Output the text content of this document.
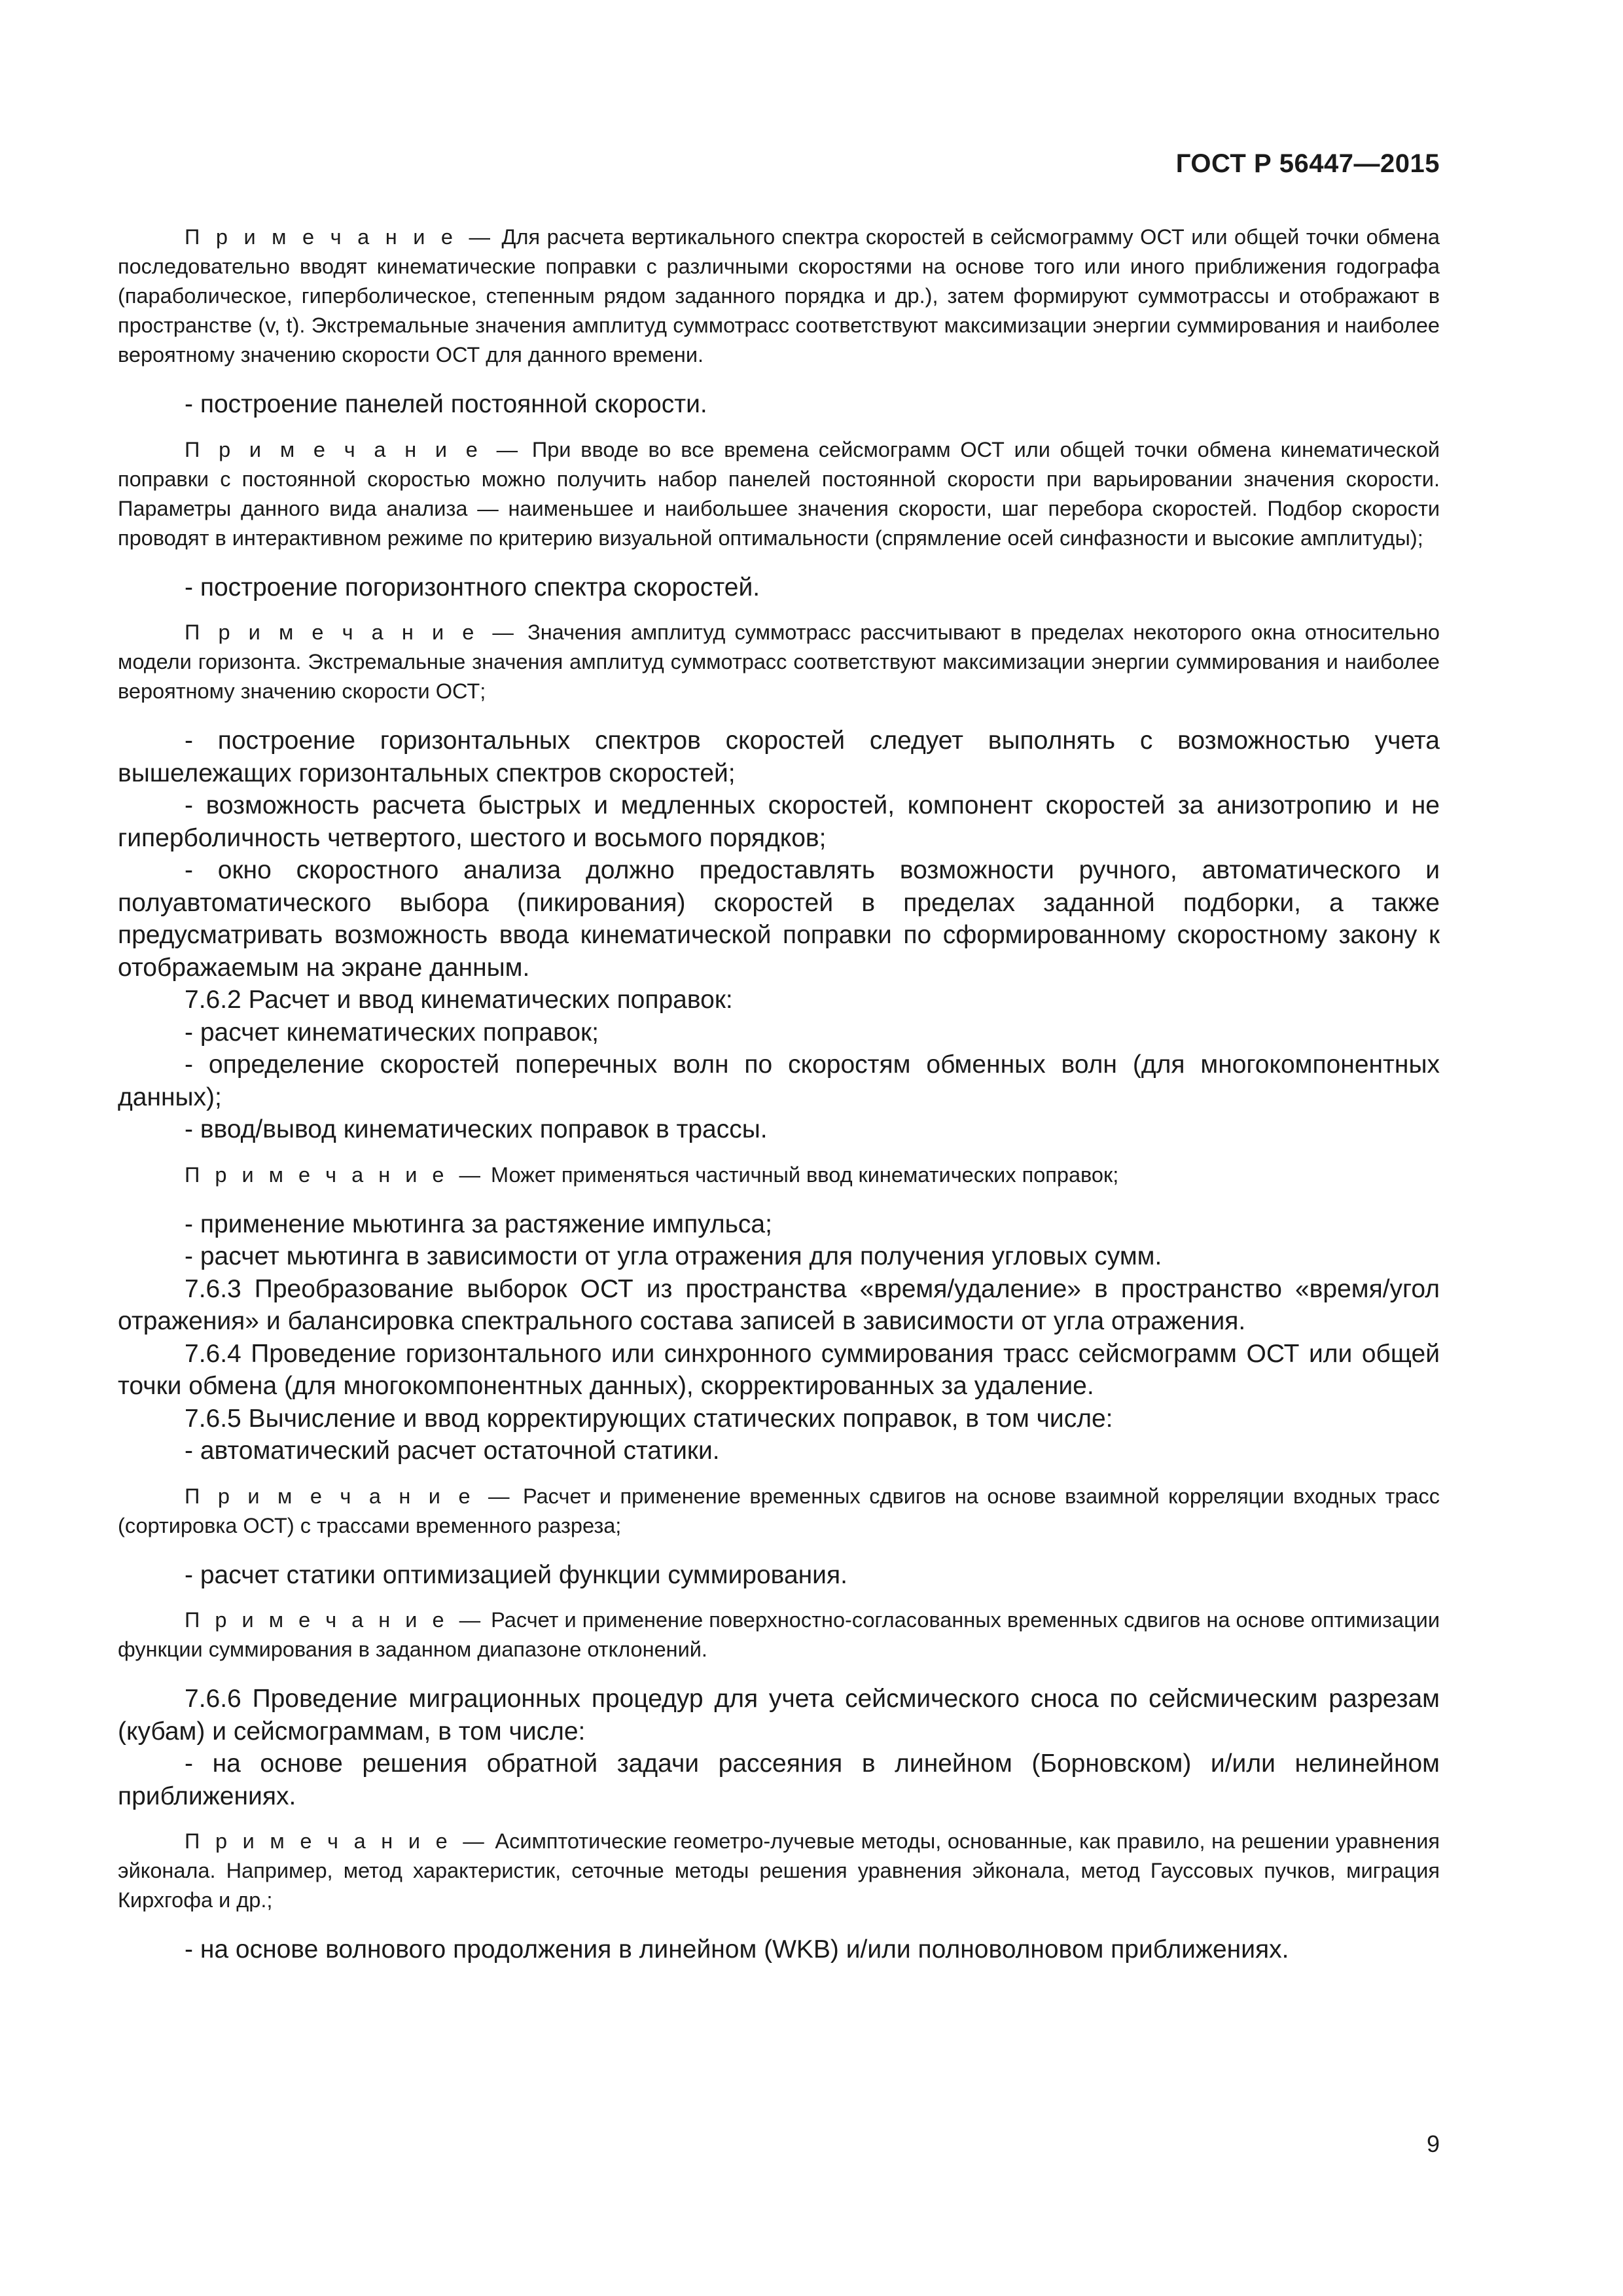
ГОСТ Р 56447—2015

П р и м е ч а н и е — Для расчета вертикального спектра скоростей в сейсмограмму ОСТ или общей точки обмена последовательно вводят кинематические поправки с различными скоростями на основе того или иного приближения годографа (параболическое, гиперболическое, степенным рядом заданного порядка и др.), затем формируют суммотрассы и отображают в пространстве (v, t). Экстремальные значения амплитуд суммотрасс соответствуют максимизации энергии суммирования и наиболее вероятному значению скорости ОСТ для данного времени.

- построение панелей постоянной скорости.

П р и м е ч а н и е — При вводе во все времена сейсмограмм ОСТ или общей точки обмена кинематической поправки с постоянной скоростью можно получить набор панелей постоянной скорости при варьировании значения скорости. Параметры данного вида анализа — наименьшее и наибольшее значения скорости, шаг перебора скоростей. Подбор скорости проводят в интерактивном режиме по критерию визуальной оптимальности (спрямление осей синфазности и высокие амплитуды);

- построение погоризонтного спектра скоростей.

П р и м е ч а н и е — Значения амплитуд суммотрасс рассчитывают в пределах некоторого окна относительно модели горизонта. Экстремальные значения амплитуд суммотрасс соответствуют максимизации энергии суммирования и наиболее вероятному значению скорости ОСТ;

- построение горизонтальных спектров скоростей следует выполнять с возможностью учета вышележащих горизонтальных спектров скоростей;

- возможность расчета быстрых и медленных скоростей, компонент скоростей за анизотропию и не гиперболичность четвертого, шестого и восьмого порядков;

- окно скоростного анализа должно предоставлять возможности ручного, автоматического и полуавтоматического выбора (пикирования) скоростей в пределах заданной подборки, а также предусматривать возможность ввода кинематической поправки по сформированному скоростному закону к отображаемым на экране данным.

7.6.2 Расчет и ввод кинематических поправок:

- расчет кинематических поправок;

- определение скоростей поперечных волн по скоростям обменных волн (для многокомпонентных данных);

- ввод/вывод кинематических поправок в трассы.

П р и м е ч а н и е — Может применяться частичный ввод кинематических поправок;

- применение мьютинга за растяжение импульса;

- расчет мьютинга в зависимости от угла отражения для получения угловых сумм.

7.6.3 Преобразование выборок ОСТ из пространства «время/удаление» в пространство «время/угол отражения» и балансировка спектрального состава записей в зависимости от угла отражения.

7.6.4 Проведение горизонтального или синхронного суммирования трасс сейсмограмм ОСТ или общей точки обмена (для многокомпонентных данных), скорректированных за удаление.

7.6.5 Вычисление и ввод корректирующих статических поправок, в том числе:

- автоматический расчет остаточной статики.

П р и м е ч а н и е — Расчет и применение временных сдвигов на основе взаимной корреляции входных трасс (сортировка ОСТ) с трассами временного разреза;

- расчет статики оптимизацией функции суммирования.

П р и м е ч а н и е — Расчет и применение поверхностно-согласованных временных сдвигов на основе оптимизации функции суммирования в заданном диапазоне отклонений.

7.6.6 Проведение миграционных процедур для учета сейсмического сноса по сейсмическим разрезам (кубам) и сейсмограммам, в том числе:

- на основе решения обратной задачи рассеяния в линейном (Борновском) и/или нелинейном приближениях.

П р и м е ч а н и е — Асимптотические геометро-лучевые методы, основанные, как правило, на решении уравнения эйконала. Например, метод характеристик, сеточные методы решения уравнения эйконала, метод Гауссовых пучков, миграция Кирхгофа и др.;

- на основе волнового продолжения в линейном (WKB) и/или полноволновом приближениях.

9
